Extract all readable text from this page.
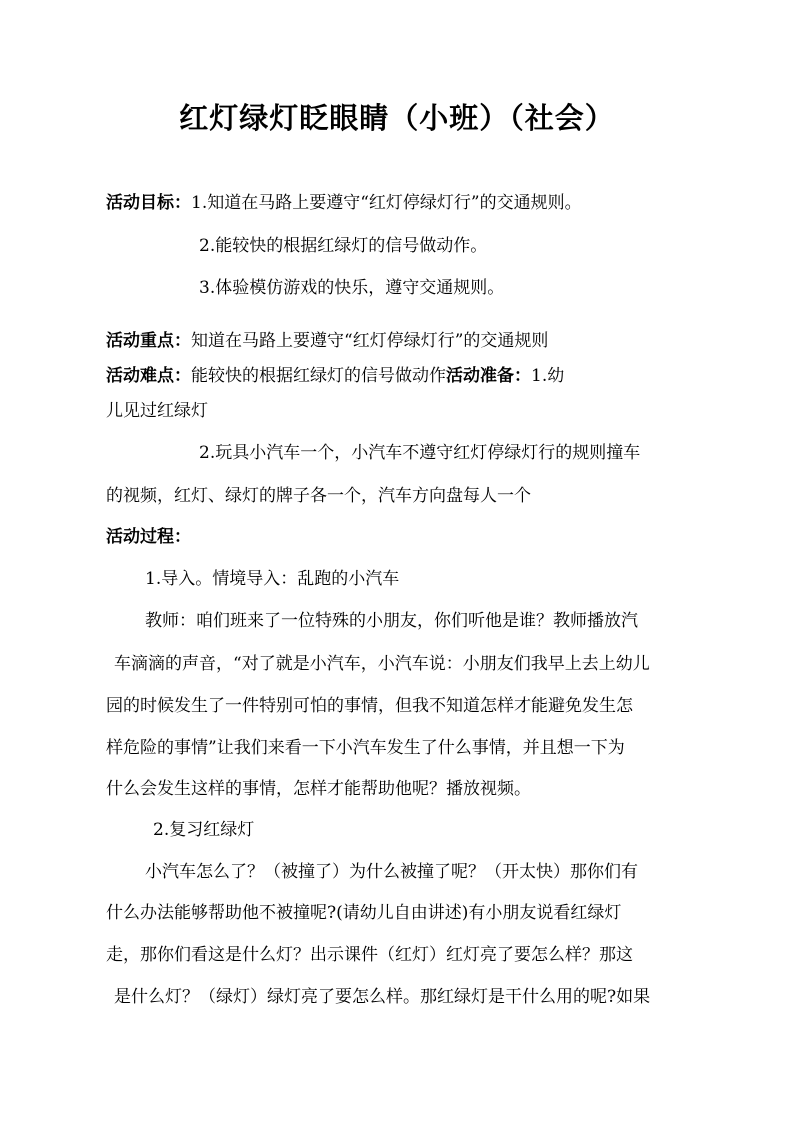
红灯绿灯眨眼睛（小班）（社会）
活动目标：1.知道在马路上要遵守“红灯停绿灯行”的交通规则。
2.能较快的根据红绿灯的信号做动作。
3.体验模仿游戏的快乐，遵守交通规则。
活动重点：知道在马路上要遵守“红灯停绿灯行”的交通规则
活动难点：能较快的根据红绿灯的信号做动作活动准备：1.幼
儿见过红绿灯
2.玩具小汽车一个，小汽车不遵守红灯停绿灯行的规则撞车
的视频，红灯、绿灯的牌子各一个，汽车方向盘每人一个
活动过程：
1.导入。情境导入：乱跑的小汽车
教师：咱们班来了一位特殊的小朋友，你们听他是谁？教师播放汽
车滴滴的声音，“对了就是小汽车，小汽车说：小朋友们我早上去上幼儿
园的时候发生了一件特别可怕的事情，但我不知道怎样才能避免发生怎
样危险的事情”让我们来看一下小汽车发生了什么事情，并且想一下为
什么会发生这样的事情，怎样才能帮助他呢？播放视频。
2.复习红绿灯
小汽车怎么了？（被撞了）为什么被撞了呢？（开太快）那你们有
什么办法能够帮助他不被撞呢?(请幼儿自由讲述)有小朋友说看红绿灯
走，那你们看这是什么灯？出示课件（红灯）红灯亮了要怎么样？那这
是什么灯？（绿灯）绿灯亮了要怎么样。那红绿灯是干什么用的呢?如果
